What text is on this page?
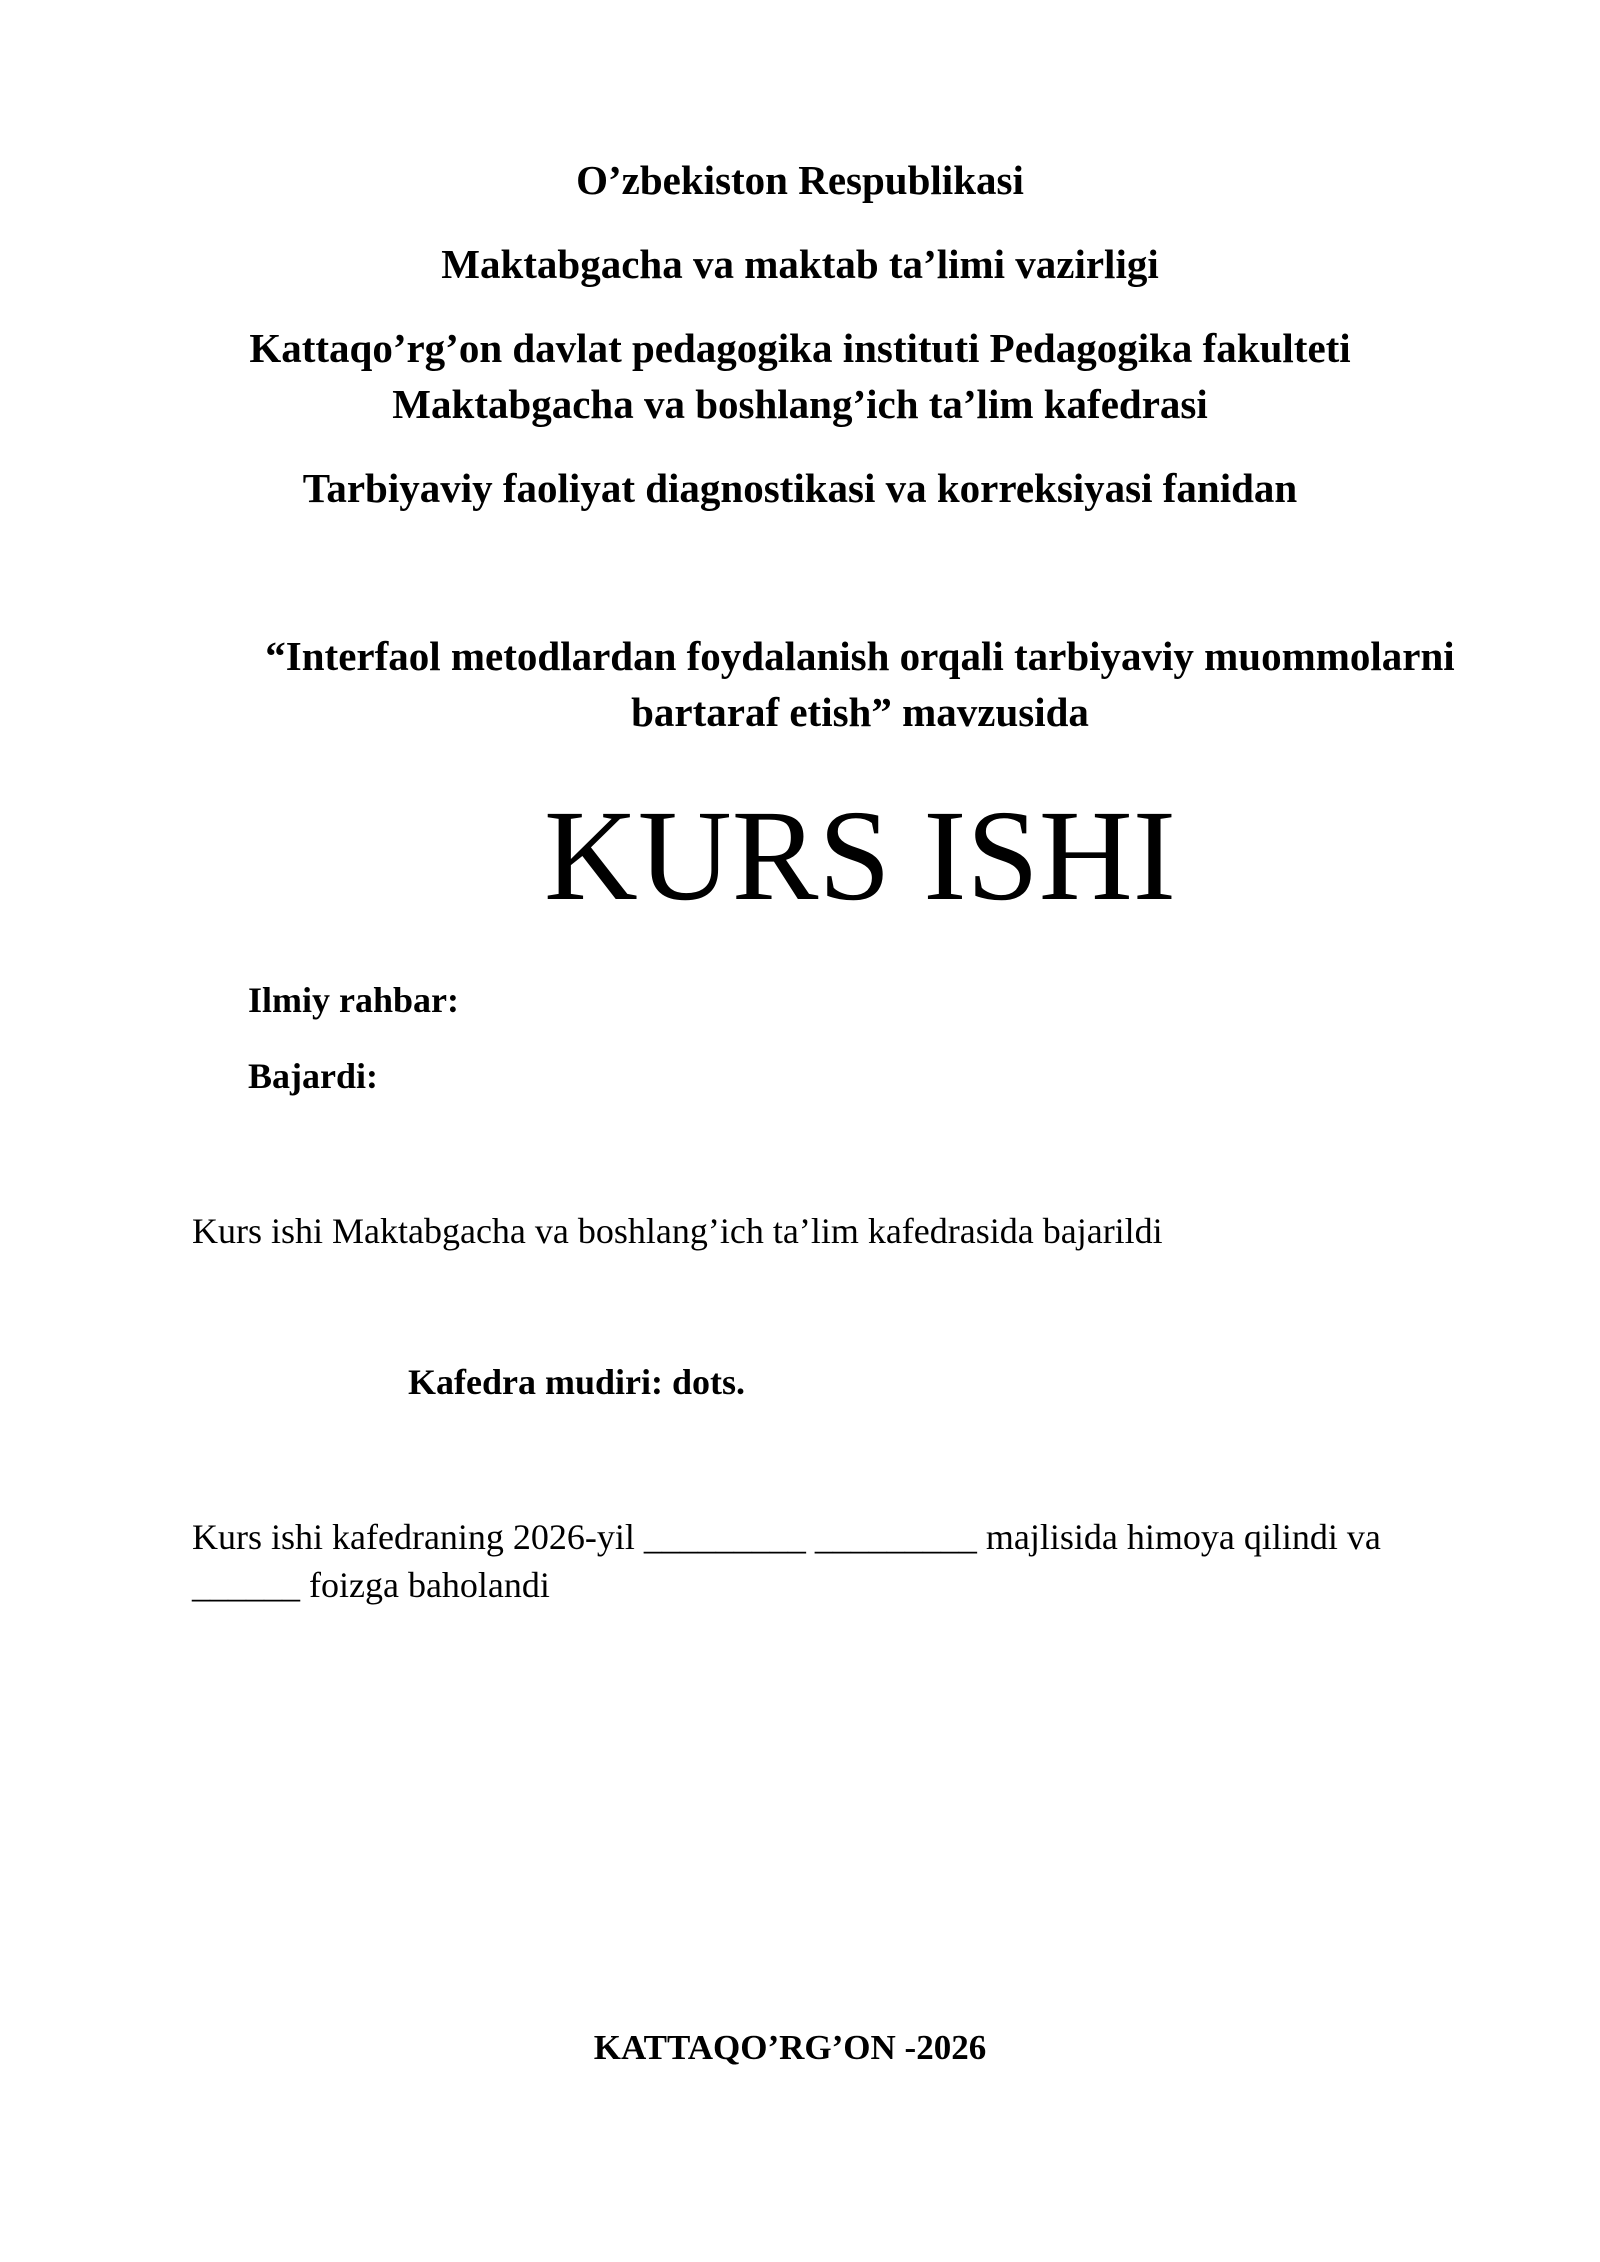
O’zbekiston Respublikasi

Maktabgacha va maktab ta’limi vazirligi

Kattaqo’rg’on davlat pedagogika instituti Pedagogika fakulteti

Maktabgacha va boshlang’ich ta’lim kafedrasi

Tarbiyaviy faoliyat diagnostikasi va korreksiyasi fanidan

“Interfaol metodlardan foydalanish orqali tarbiyaviy muommolarni

bartaraf etish” mavzusida

KURS ISHI

Ilmiy rahbar:

Bajardi:

Kurs ishi Maktabgacha va boshlang’ich ta’lim kafedrasida bajarildi

Kafedra mudiri: dots.

Kurs ishi kafedraning 2026-yil _________ _________ majlisida himoya qilindi va

______ foizga baholandi

KATTAQO’RG’ON -2026
